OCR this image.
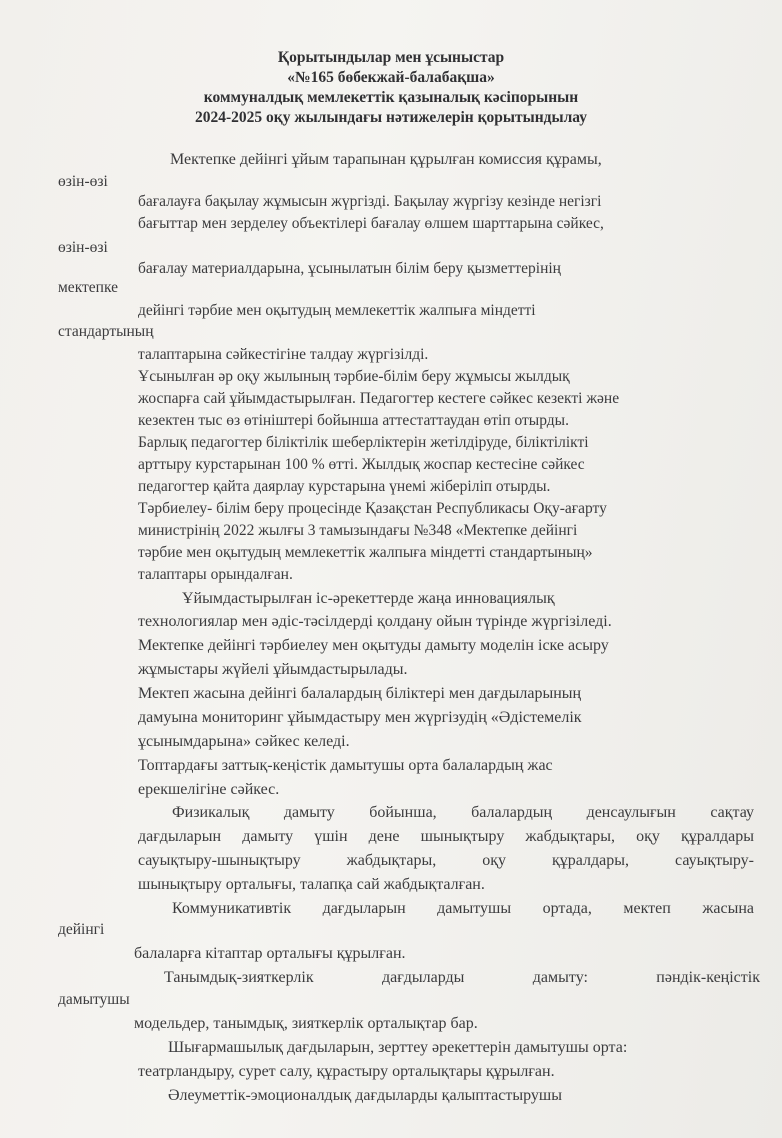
Қорытындылар мен ұсыныстар
«№165 бөбекжай-балабақша»
коммуналдық мемлекеттік қазыналық кәсіпорынын
2024-2025 оқу жылындағы нәтижелерін қорытындылау
Мектепке дейінгі ұйым тарапынан құрылған комиссия құрамы,
өзін-өзі
бағалауға бақылау жұмысын жүргізді. Бақылау жүргізу кезінде негізгі
бағыттар мен зерделеу объектілері бағалау өлшем шарттарына сәйкес,
өзін-өзі
бағалау материалдарына, ұсынылатын білім беру қызметтерінің
мектепке
дейінгі тәрбие мен оқытудың мемлекеттік жалпыға міндетті
стандартының
талаптарына сәйкестігіне талдау жүргізілді.
Ұсынылған әр оқу жылының тәрбие-білім беру жұмысы жылдық
жоспарға сай ұйымдастырылған. Педагогтер кестеге сәйкес кезекті және
кезектен тыс өз өтініштері бойынша аттестаттаудан өтіп отырды.
Барлық педагогтер біліктілік шеберліктерін жетілдіруде, біліктілікті
арттыру курстарынан 100 % өтті. Жылдық жоспар кестесіне сәйкес
педагогтер қайта даярлау курстарына үнемі жіберіліп отырды.
Тәрбиелеу- білім беру процесінде Қазақстан Республикасы Оқу-ағарту
министрінің 2022 жылғы 3 тамызындағы №348 «Мектепке дейінгі
тәрбие мен оқытудың мемлекеттік жалпыға міндетті стандартының»
талаптары орындалған.
Ұйымдастырылған іс-әрекеттерде жаңа инновациялық
технологиялар мен әдіс-тәсілдерді қолдану ойын түрінде жүргізіледі.
Мектепке дейінгі тәрбиелеу мен оқытуды дамыту моделін іске асыру
жұмыстары жүйелі ұйымдастырылады.
Мектеп жасына дейінгі балалардың біліктері мен дағдыларының
дамуына мониторинг ұйымдастыру мен жүргізудің «Әдістемелік
ұсынымдарына» сәйкес келеді.
Топтардағы заттық-кеңістік дамытушы орта балалардың жас
ерекшелігіне сәйкес.
Физикалық дамыту бойынша, балалардың денсаулығын сақтау
дағдыларын дамыту үшін дене шынықтыру жабдықтары, оқу құралдары
сауықтыру-шынықтыру жабдықтары, оқу құралдары, сауықтыру-
шынықтыру орталығы, талапқа сай жабдықталған.
Коммуникативтік дағдыларын дамытушы ортада, мектеп жасына
дейінгі
балаларға кітаптар орталығы құрылған.
Танымдық-зияткерлік дағдыларды дамыту: пәндік-кеңістік
дамытушы
модельдер, танымдық, зияткерлік орталықтар бар.
Шығармашылық дағдыларын, зерттеу әрекеттерін дамытушы орта:
театрландыру, сурет салу, құрастыру орталықтары құрылған.
Әлеуметтік-эмоционалдық дағдыларды қалыптастырушы
